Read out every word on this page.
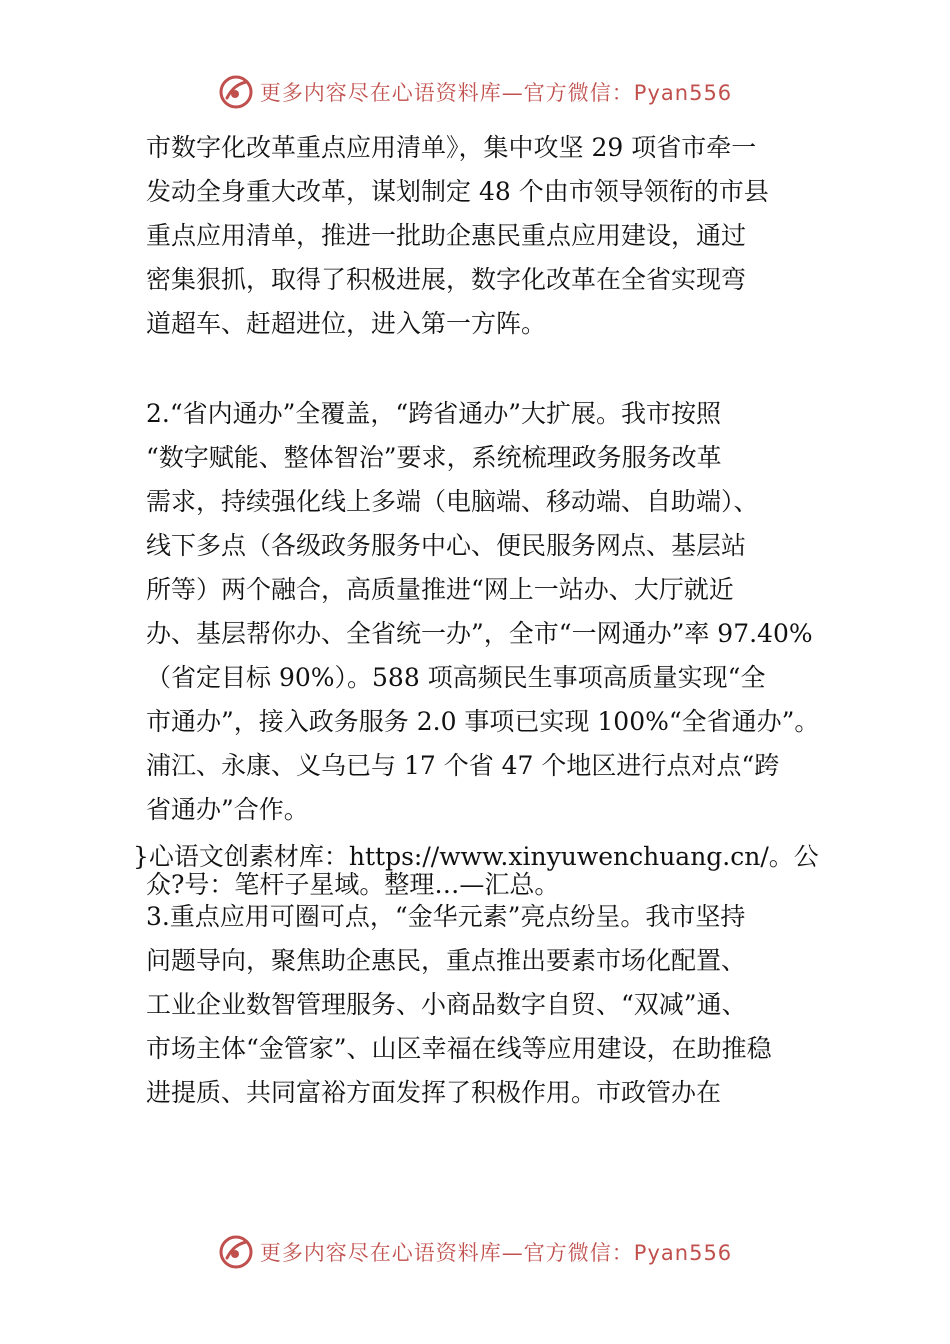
更多内容尽在心语资料库—官方微信：Pyan556
市数字化改革重点应用清单》，集中攻坚 29 项省市牵一
发动全身重大改革，谋划制定 48 个由市领导领衔的市县
重点应用清单，推进一批助企惠民重点应用建设，通过
密集狠抓，取得了积极进展，数字化改革在全省实现弯
道超车、赶超进位，进入第一方阵。
2.“省内通办”全覆盖，“跨省通办”大扩展。我市按照
“数字赋能、整体智治”要求，系统梳理政务服务改革
需求，持续强化线上多端（电脑端、移动端、自助端）、
线下多点（各级政务服务中心、便民服务网点、基层站
所等）两个融合，高质量推进“网上一站办、大厅就近
办、基层帮你办、全省统一办”，全市“一网通办”率 97.40%
（省定目标 90%）。588 项高频民生事项高质量实现“全
市通办”，接入政务服务 2.0 事项已实现 100%“全省通办”。
浦江、永康、义乌已与 17 个省 47 个地区进行点对点“跨
省通办”合作。
}心语文创素材库：https://www.xinyuwenchuang.cn/。公
众?号：笔杆子星域。整理…—汇总。
3.重点应用可圈可点，“金华元素”亮点纷呈。我市坚持
问题导向，聚焦助企惠民，重点推出要素市场化配置、
工业企业数智管理服务、小商品数字自贸、“双减”通、
市场主体“金管家”、山区幸福在线等应用建设，在助推稳
进提质、共同富裕方面发挥了积极作用。市政管办在
更多内容尽在心语资料库—官方微信：Pyan556
